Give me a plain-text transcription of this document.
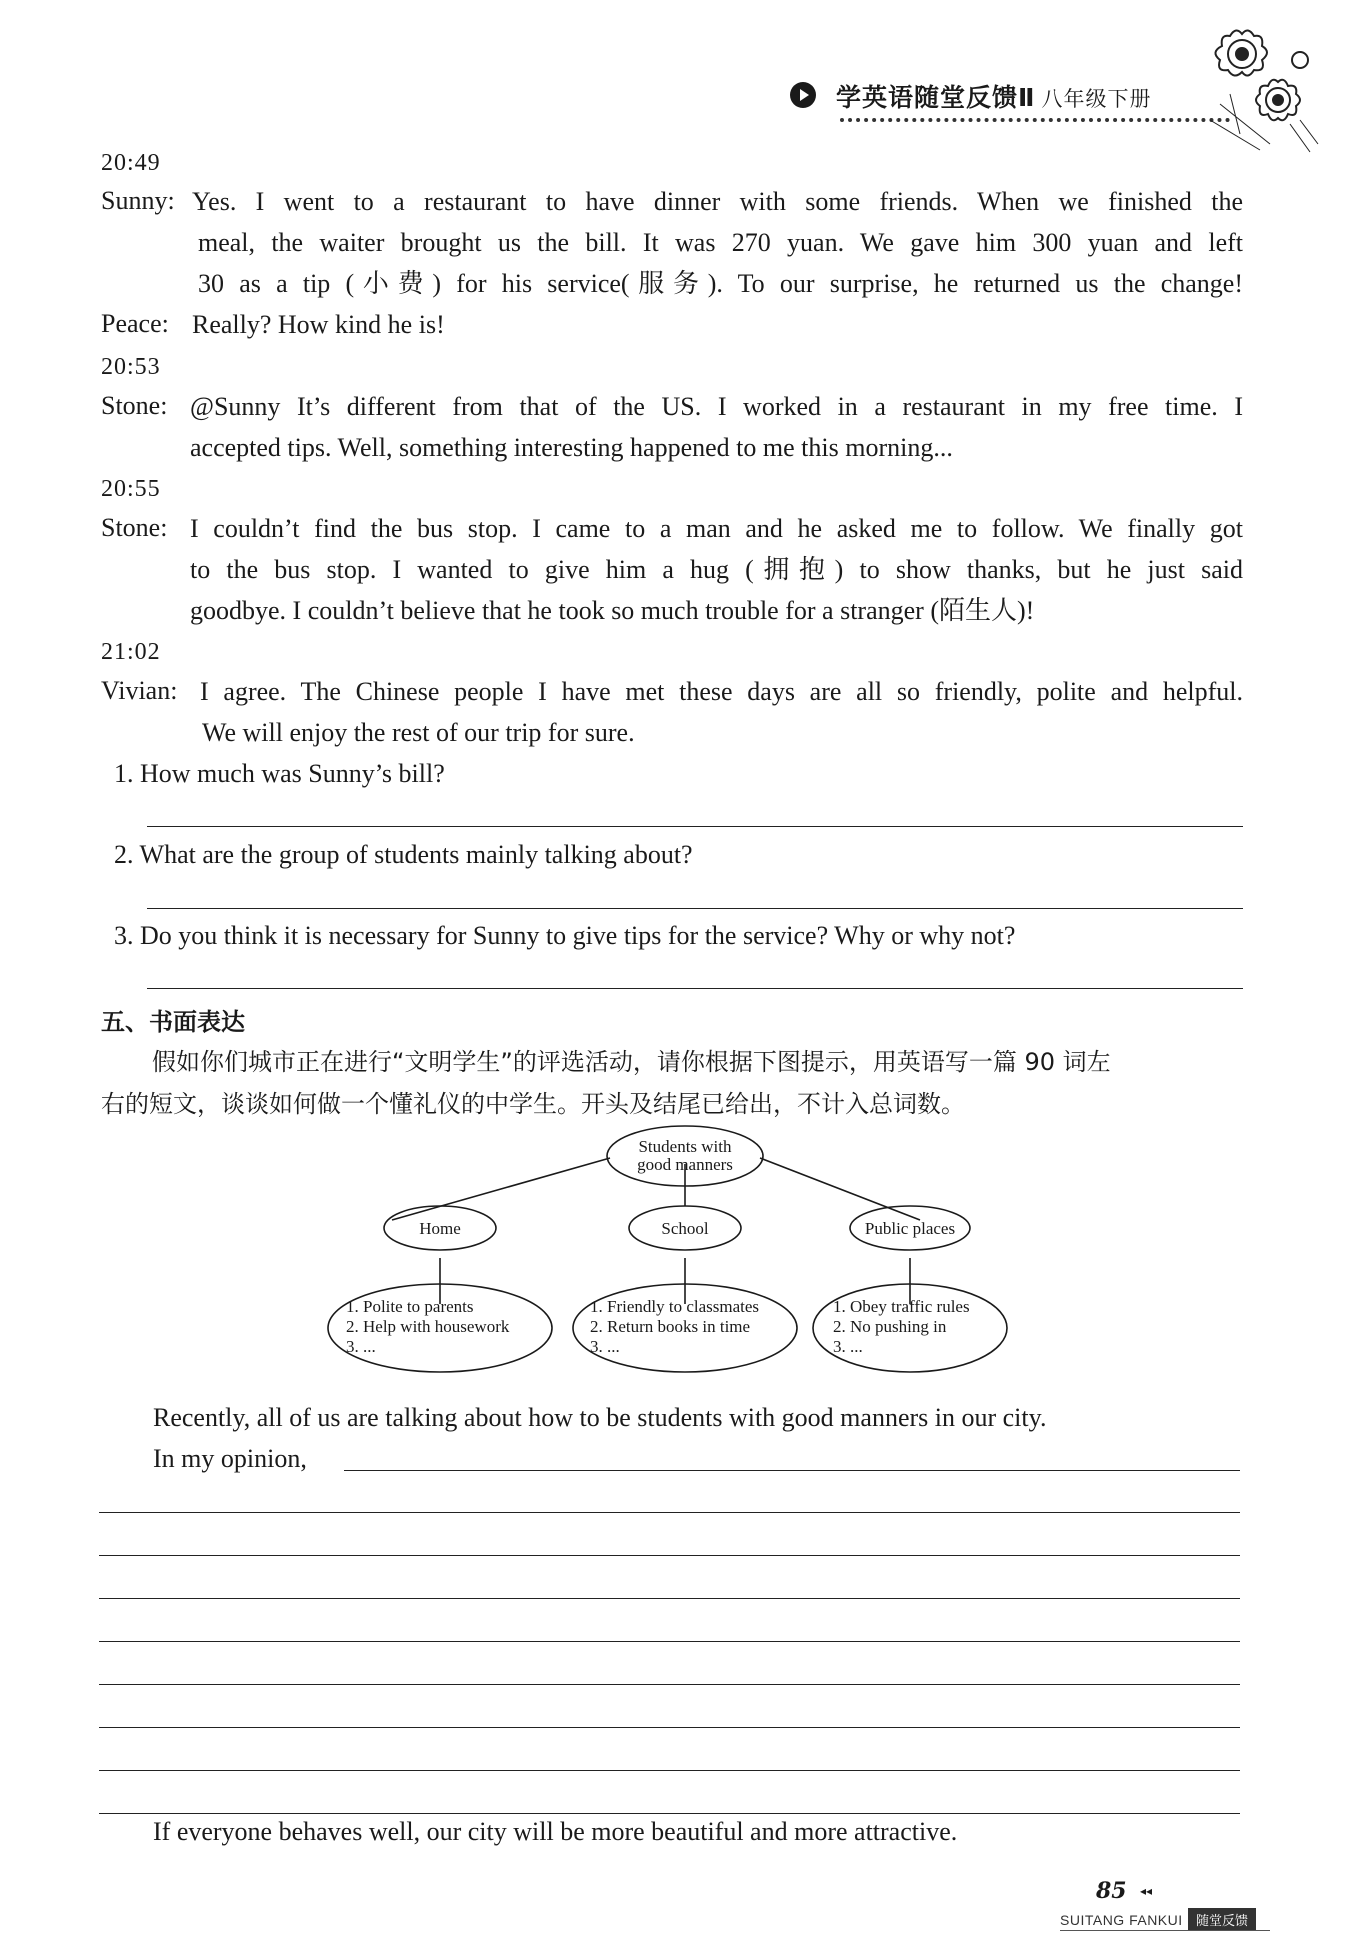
学英语随堂反馈Ⅱ 八年级下册
20:49
Sunny: Yes. I went to a restaurant to have dinner with some friends. When we finished the
meal, the waiter brought us the bill. It was 270 yuan. We gave him 300 yuan and left
30 as a tip (小费) for his service(服务). To our surprise, he returned us the change!
Peace: Really? How kind he is!
20:53
Stone: @Sunny It’s different from that of the US. I worked in a restaurant in my free time. I
accepted tips. Well, something interesting happened to me this morning...
20:55
Stone: I couldn’t find the bus stop. I came to a man and he asked me to follow. We finally got
to the bus stop. I wanted to give him a hug (拥抱) to show thanks, but he just said
goodbye. I couldn’t believe that he took so much trouble for a stranger (陌生人)!
21:02
Vivian: I agree. The Chinese people I have met these days are all so friendly, polite and helpful.
We will enjoy the rest of our trip for sure.
1. How much was Sunny’s bill?
2. What are the group of students mainly talking about?
3. Do you think it is necessary for Sunny to give tips for the service? Why or why not?
五、书面表达
假如你们城市正在进行“文明学生”的评选活动，请你根据下图提示，用英语写一篇 90 词左
右的短文，谈谈如何做一个懂礼仪的中学生。开头及结尾已给出，不计入总词数。
Students with
good manners
Home	School	Public places
1. Polite to parents
2. Help with housework
3. ...
1. Friendly to classmates
2. Return books in time
3. ...
1. Obey traffic rules
2. No pushing in
3. ...
Recently, all of us are talking about how to be students with good manners in our city.
In my opinion,
If everyone behaves well, our city will be more beautiful and more attractive.
85 ◂◂
SUITANG FANKUI	随堂反馈
